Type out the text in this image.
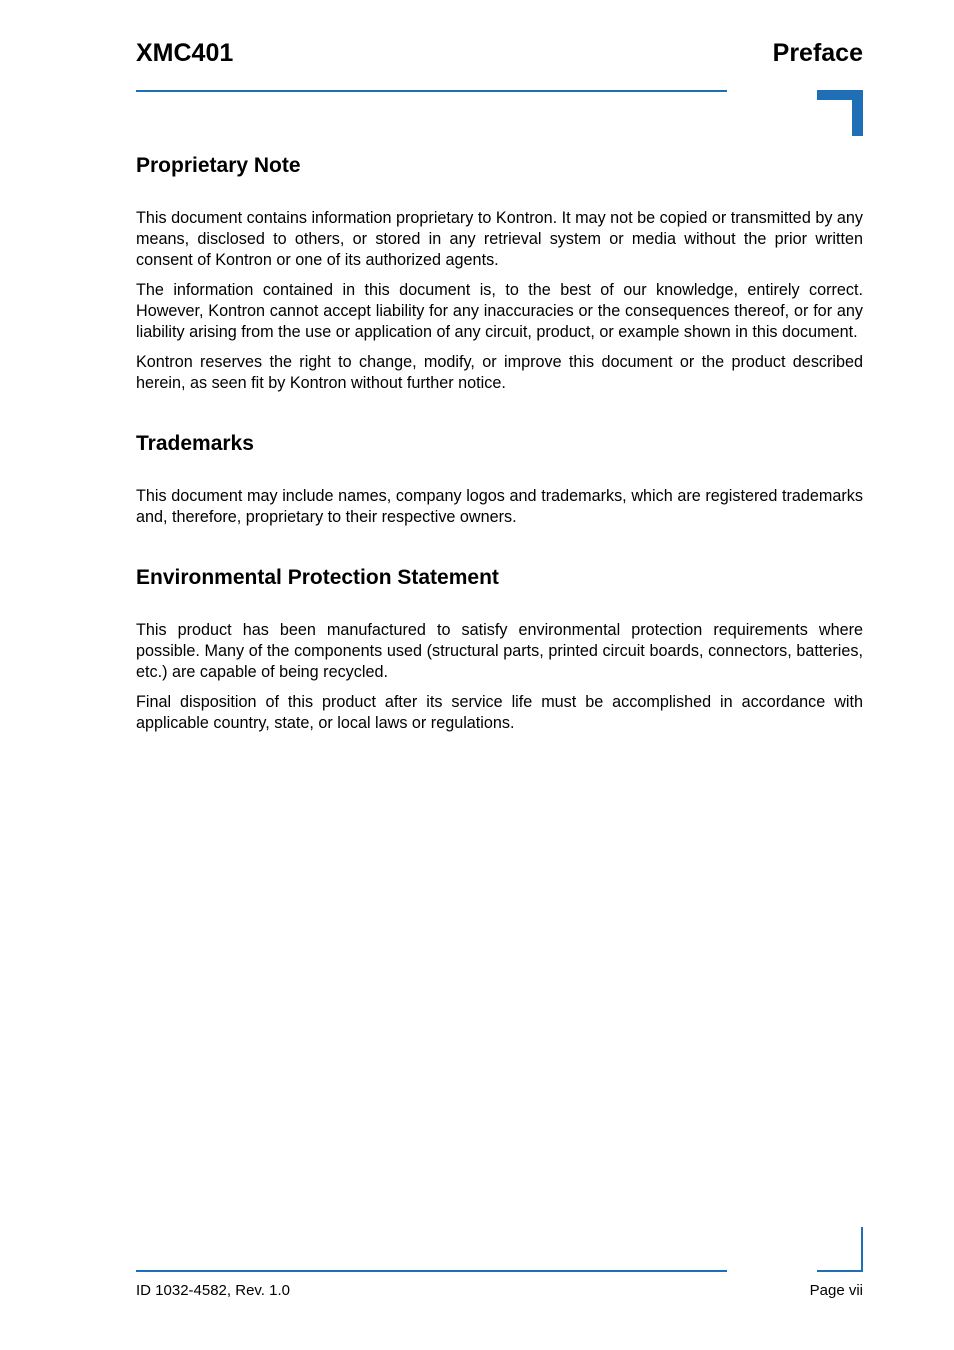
XMC401	Preface
Proprietary Note

This document contains information proprietary to Kontron. It may not be copied or transmitted by any means, disclosed to others, or stored in any retrieval system or media without the prior written consent of Kontron or one of its authorized agents.

The information contained in this document is, to the best of our knowledge, entirely correct. However, Kontron cannot accept liability for any inaccuracies or the consequences thereof, or for any liability arising from the use or application of any circuit, product, or example shown in this document.

Kontron reserves the right to change, modify, or improve this document or the product described herein, as seen fit by Kontron without further notice.

Trademarks

This document may include names, company logos and trademarks, which are registered trademarks and, therefore, proprietary to their respective owners.

Environmental Protection Statement

This product has been manufactured to satisfy environmental protection requirements where possible. Many of the components used (structural parts, printed circuit boards, connectors, batteries, etc.) are capable of being recycled.

Final disposition of this product after its service life must be accomplished in accordance with applicable country, state, or local laws or regulations.

ID 1032-4582, Rev. 1.0	Page vii
